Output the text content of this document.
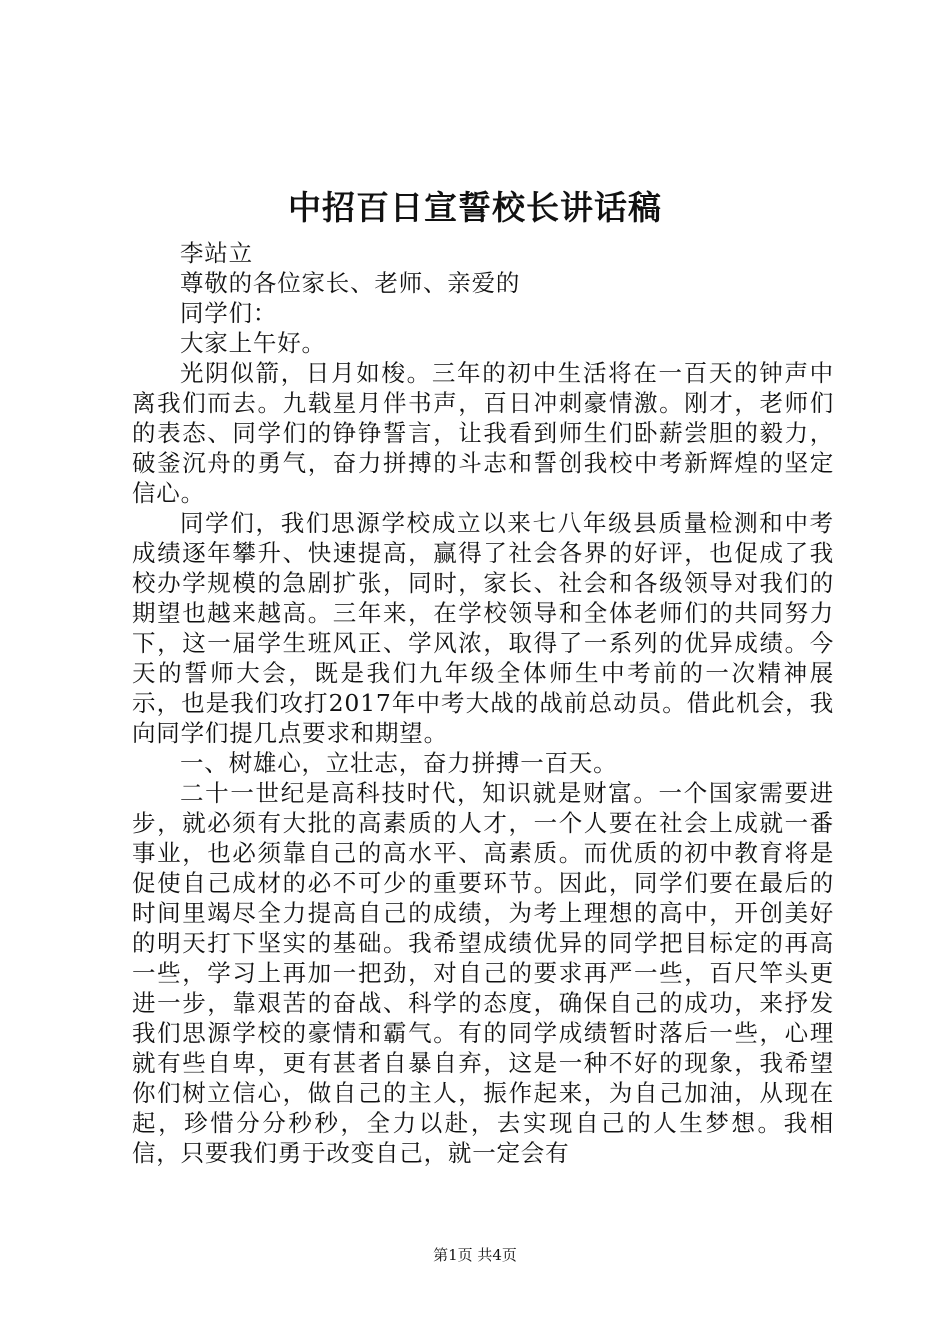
中招百日宣誓校长讲话稿

李站立

尊敬的各位家长、老师、亲爱的

同学们：

大家上午好。

光阴似箭，日月如梭。三年的初中生活将在一百天的钟声中离我们而去。九载星月伴书声，百日冲刺豪情激。刚才，老师们的表态、同学们的铮铮誓言，让我看到师生们卧薪尝胆的毅力，破釜沉舟的勇气，奋力拼搏的斗志和誓创我校中考新辉煌的坚定信心。

同学们，我们思源学校成立以来七八年级县质量检测和中考成绩逐年攀升、快速提高，赢得了社会各界的好评，也促成了我校办学规模的急剧扩张，同时，家长、社会和各级领导对我们的期望也越来越高。三年来，在学校领导和全体老师们的共同努力下，这一届学生班风正、学风浓，取得了一系列的优异成绩。今天的誓师大会，既是我们九年级全体师生中考前的一次精神展示，也是我们攻打2017年中考大战的战前总动员。借此机会，我向同学们提几点要求和期望。

一、树雄心，立壮志，奋力拼搏一百天。

二十一世纪是高科技时代，知识就是财富。一个国家需要进步，就必须有大批的高素质的人才，一个人要在社会上成就一番事业，也必须靠自己的高水平、高素质。而优质的初中教育将是促使自己成材的必不可少的重要环节。因此，同学们要在最后的时间里竭尽全力提高自己的成绩，为考上理想的高中，开创美好的明天打下坚实的基础。我希望成绩优异的同学把目标定的再高一些，学习上再加一把劲，对自己的要求再严一些，百尺竿头更进一步，靠艰苦的奋战、科学的态度，确保自己的成功，来抒发我们思源学校的豪情和霸气。有的同学成绩暂时落后一些，心理就有些自卑，更有甚者自暴自弃，这是一种不好的现象，我希望你们树立信心，做自己的主人，振作起来，为自己加油，从现在起，珍惜分分秒秒，全力以赴，去实现自己的人生梦想。我相信，只要我们勇于改变自己，就一定会有

第1页 共4页
